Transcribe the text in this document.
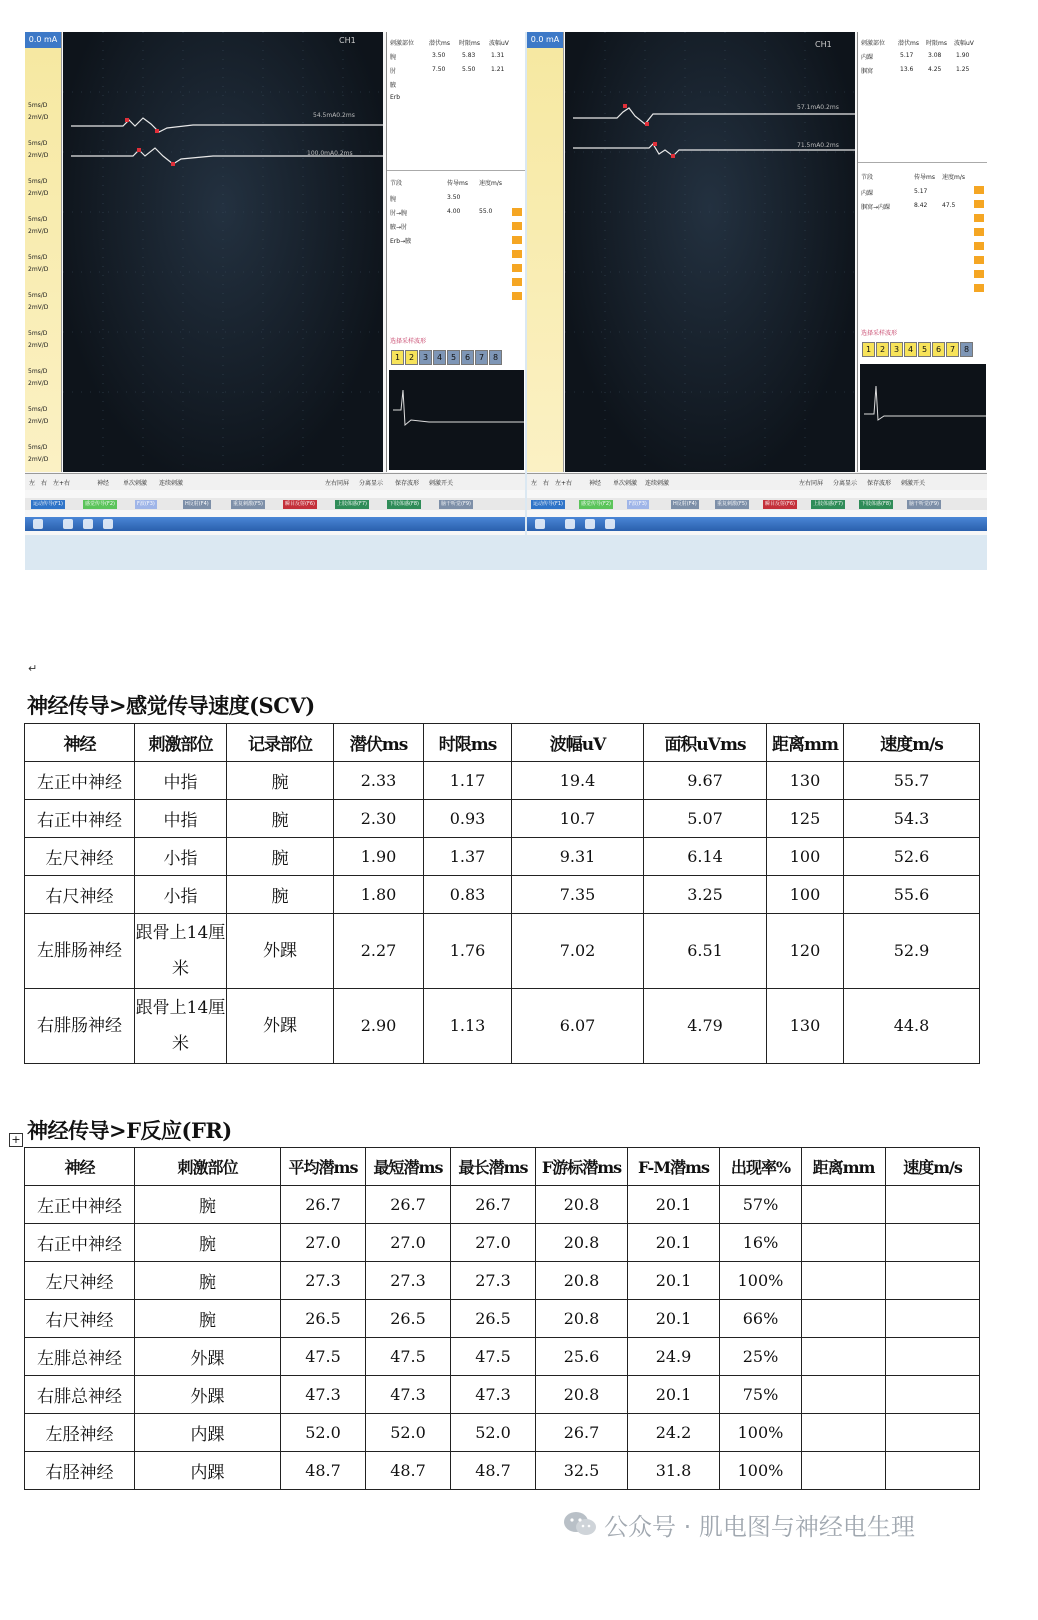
0.0 mA
5ms/D
2mV/D
5ms/D
2mV/D
5ms/D
2mV/D
5ms/D
2mV/D
5ms/D
2mV/D
5ms/D
2mV/D
5ms/D
2mV/D
5ms/D
2mV/D
5ms/D
2mV/D
5ms/D
2mV/D
CH1
54.5mA0.2ms
100.0mA0.2ms
刺激部位 潜伏ms 时限ms 波幅uV
腕	3.50	5.83	1.31
肘	7.50	5.50	1.21
腋
Erb
节段	传导ms 速度m/s
腕	3.50
肘→腕	4.00	55.0
腋→肘
Erb→腋
选择采样波形
1	2	3	4	5	6	7	8
左 右 左+右	神经 单次刺激 连续刺激	左右同屏 分离显示 保存波形 刺激开关
运动传导(F1)	感觉传导(F2)	F波(F3)	H反射(F4)	重复刺激(F5)	瞬目反射(F6)	上肢体感(F7)	下肢体感(F8)	脑干听觉(F9)
0.0 mA
CH1
57.1mA0.2ms
71.5mA0.2ms
刺激部位 潜伏ms 时限ms 波幅uV
内踝	5.17 3.08 1.90
腘窝	13.6 4.25 1.25
节段	传导ms 速度m/s
内踝	5.17
腘窝→内踝	8.42 47.5
选择采样波形
1	2	3	4	5	6	7	8
左 右 左+右	神经 单次刺激 连续刺激	左右同屏 分离显示 保存波形 刺激开关
运动传导(F1)	感觉传导(F2)	F波(F3)	H反射(F4)	重复刺激(F5)	瞬目反射(F6)	上肢体感(F7)	下肢体感(F8)	脑干听觉(F9)
↵
神经传导>感觉传导速度(SCV)
神经	刺激部位	记录部位	潜伏ms	时限ms	波幅uV	面积uVms	距离mm	速度m/s
左正中神经	中指	腕	2.33	1.17	19.4	9.67	130	55.7
右正中神经	中指	腕	2.30	0.93	10.7	5.07	125	54.3
左尺神经	小指	腕	1.90	1.37	9.31	6.14	100	52.6
右尺神经	小指	腕	1.80	0.83	7.35	3.25	100	55.6
左腓肠神经	跟骨上14厘米	外踝	2.27	1.76	7.02	6.51	120	52.9
右腓肠神经	跟骨上14厘米	外踝	2.90	1.13	6.07	4.79	130	44.8
+ 神经传导>F反应(FR)
神经	刺激部位	平均潜ms	最短潜ms	最长潜ms	F游标潜ms	F-M潜ms	出现率%	距离mm	速度m/s
左正中神经	腕	26.7	26.7	26.7	20.8	20.1	57%		
右正中神经	腕	27.0	27.0	27.0	20.8	20.1	16%		
左尺神经	腕	27.3	27.3	27.3	20.8	20.1	100%		
右尺神经	腕	26.5	26.5	26.5	20.8	20.1	66%		
左腓总神经	外踝	47.5	47.5	47.5	25.6	24.9	25%		
右腓总神经	外踝	47.3	47.3	47.3	20.8	20.1	75%		
左胫神经	内踝	52.0	52.0	52.0	26.7	24.2	100%		
右胫神经	内踝	48.7	48.7	48.7	32.5	31.8	100%		
公众号 · 肌电图与神经电生理
